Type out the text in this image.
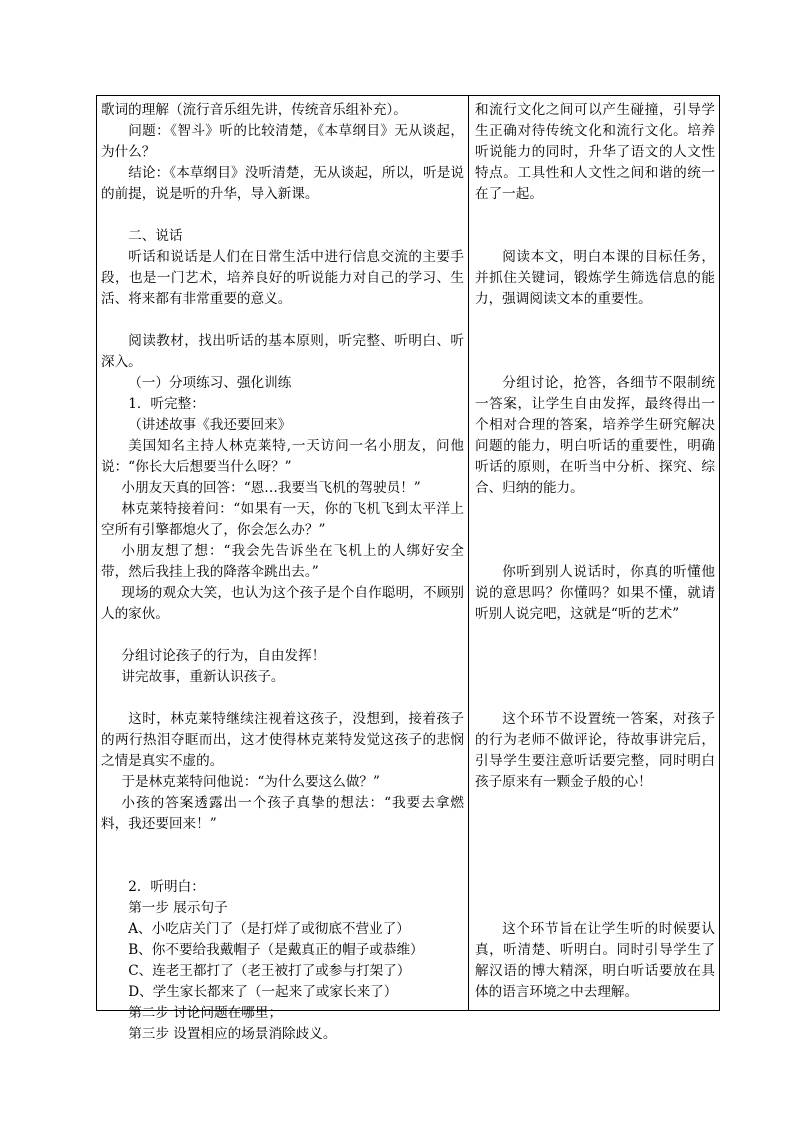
歌词的理解（流行音乐组先讲，传统音乐组补充）。

问题：《智斗》听的比较清楚，《本草纲目》无从谈起，为什么？

结论：《本草纲目》没听清楚，无从谈起，所以，听是说的前提，说是听的升华，导入新课。

二、说话

听话和说话是人们在日常生活中进行信息交流的主要手段，也是一门艺术，培养良好的听说能力对自己的学习、生活、将来都有非常重要的意义。

阅读教材，找出听话的基本原则，听完整、听明白、听深入。

（一）分项练习、强化训练

1．听完整：

（讲述故事《我还要回来》

美国知名主持人林克莱特,一天访问一名小朋友，问他说：“你长大后想要当什么呀？”

小朋友天真的回答：“恩…我要当飞机的驾驶员！”

林克莱特接着问：“如果有一天，你的飞机飞到太平洋上空所有引擎都熄火了，你会怎么办？”

小朋友想了想：“我会先告诉坐在飞机上的人绑好安全带，然后我挂上我的降落伞跳出去。”

现场的观众大笑，也认为这个孩子是个自作聪明，不顾别人的家伙。

分组讨论孩子的行为，自由发挥！

讲完故事，重新认识孩子。

这时，林克莱特继续注视着这孩子，没想到，接着孩子的两行热泪夺眶而出，这才使得林克莱特发觉这孩子的悲悯之情是真实不虚的。

于是林克莱特问他说：“为什么要这么做？”

小孩的答案透露出一个孩子真挚的想法：“我要去拿燃料，我还要回来！”

2．听明白：

第一步 展示句子

A、小吃店关门了（是打烊了或彻底不营业了）

B、你不要给我戴帽子（是戴真正的帽子或恭维）

C、连老王都打了（老王被打了或参与打架了）

D、学生家长都来了（一起来了或家长来了）

第二步 讨论问题在哪里；

第三步 设置相应的场景消除歧义。

和流行文化之间可以产生碰撞，引导学生正确对待传统文化和流行文化。培养听说能力的同时，升华了语文的人文性特点。工具性和人文性之间和谐的统一在了一起。

阅读本文，明白本课的目标任务，并抓住关键词，锻炼学生筛选信息的能力，强调阅读文本的重要性。

分组讨论，抢答，各细节不限制统一答案，让学生自由发挥，最终得出一个相对合理的答案，培养学生研究解决问题的能力，明白听话的重要性，明确听话的原则，在听当中分析、探究、综合、归纳的能力。

你听到别人说话时，你真的听懂他说的意思吗？你懂吗？如果不懂，就请听别人说完吧，这就是“听的艺术”

这个环节不设置统一答案，对孩子的行为老师不做评论，待故事讲完后，引导学生要注意听话要完整，同时明白孩子原来有一颗金子般的心！

这个环节旨在让学生听的时候要认真，听清楚、听明白。同时引导学生了解汉语的博大精深，明白听话要放在具体的语言环境之中去理解。
